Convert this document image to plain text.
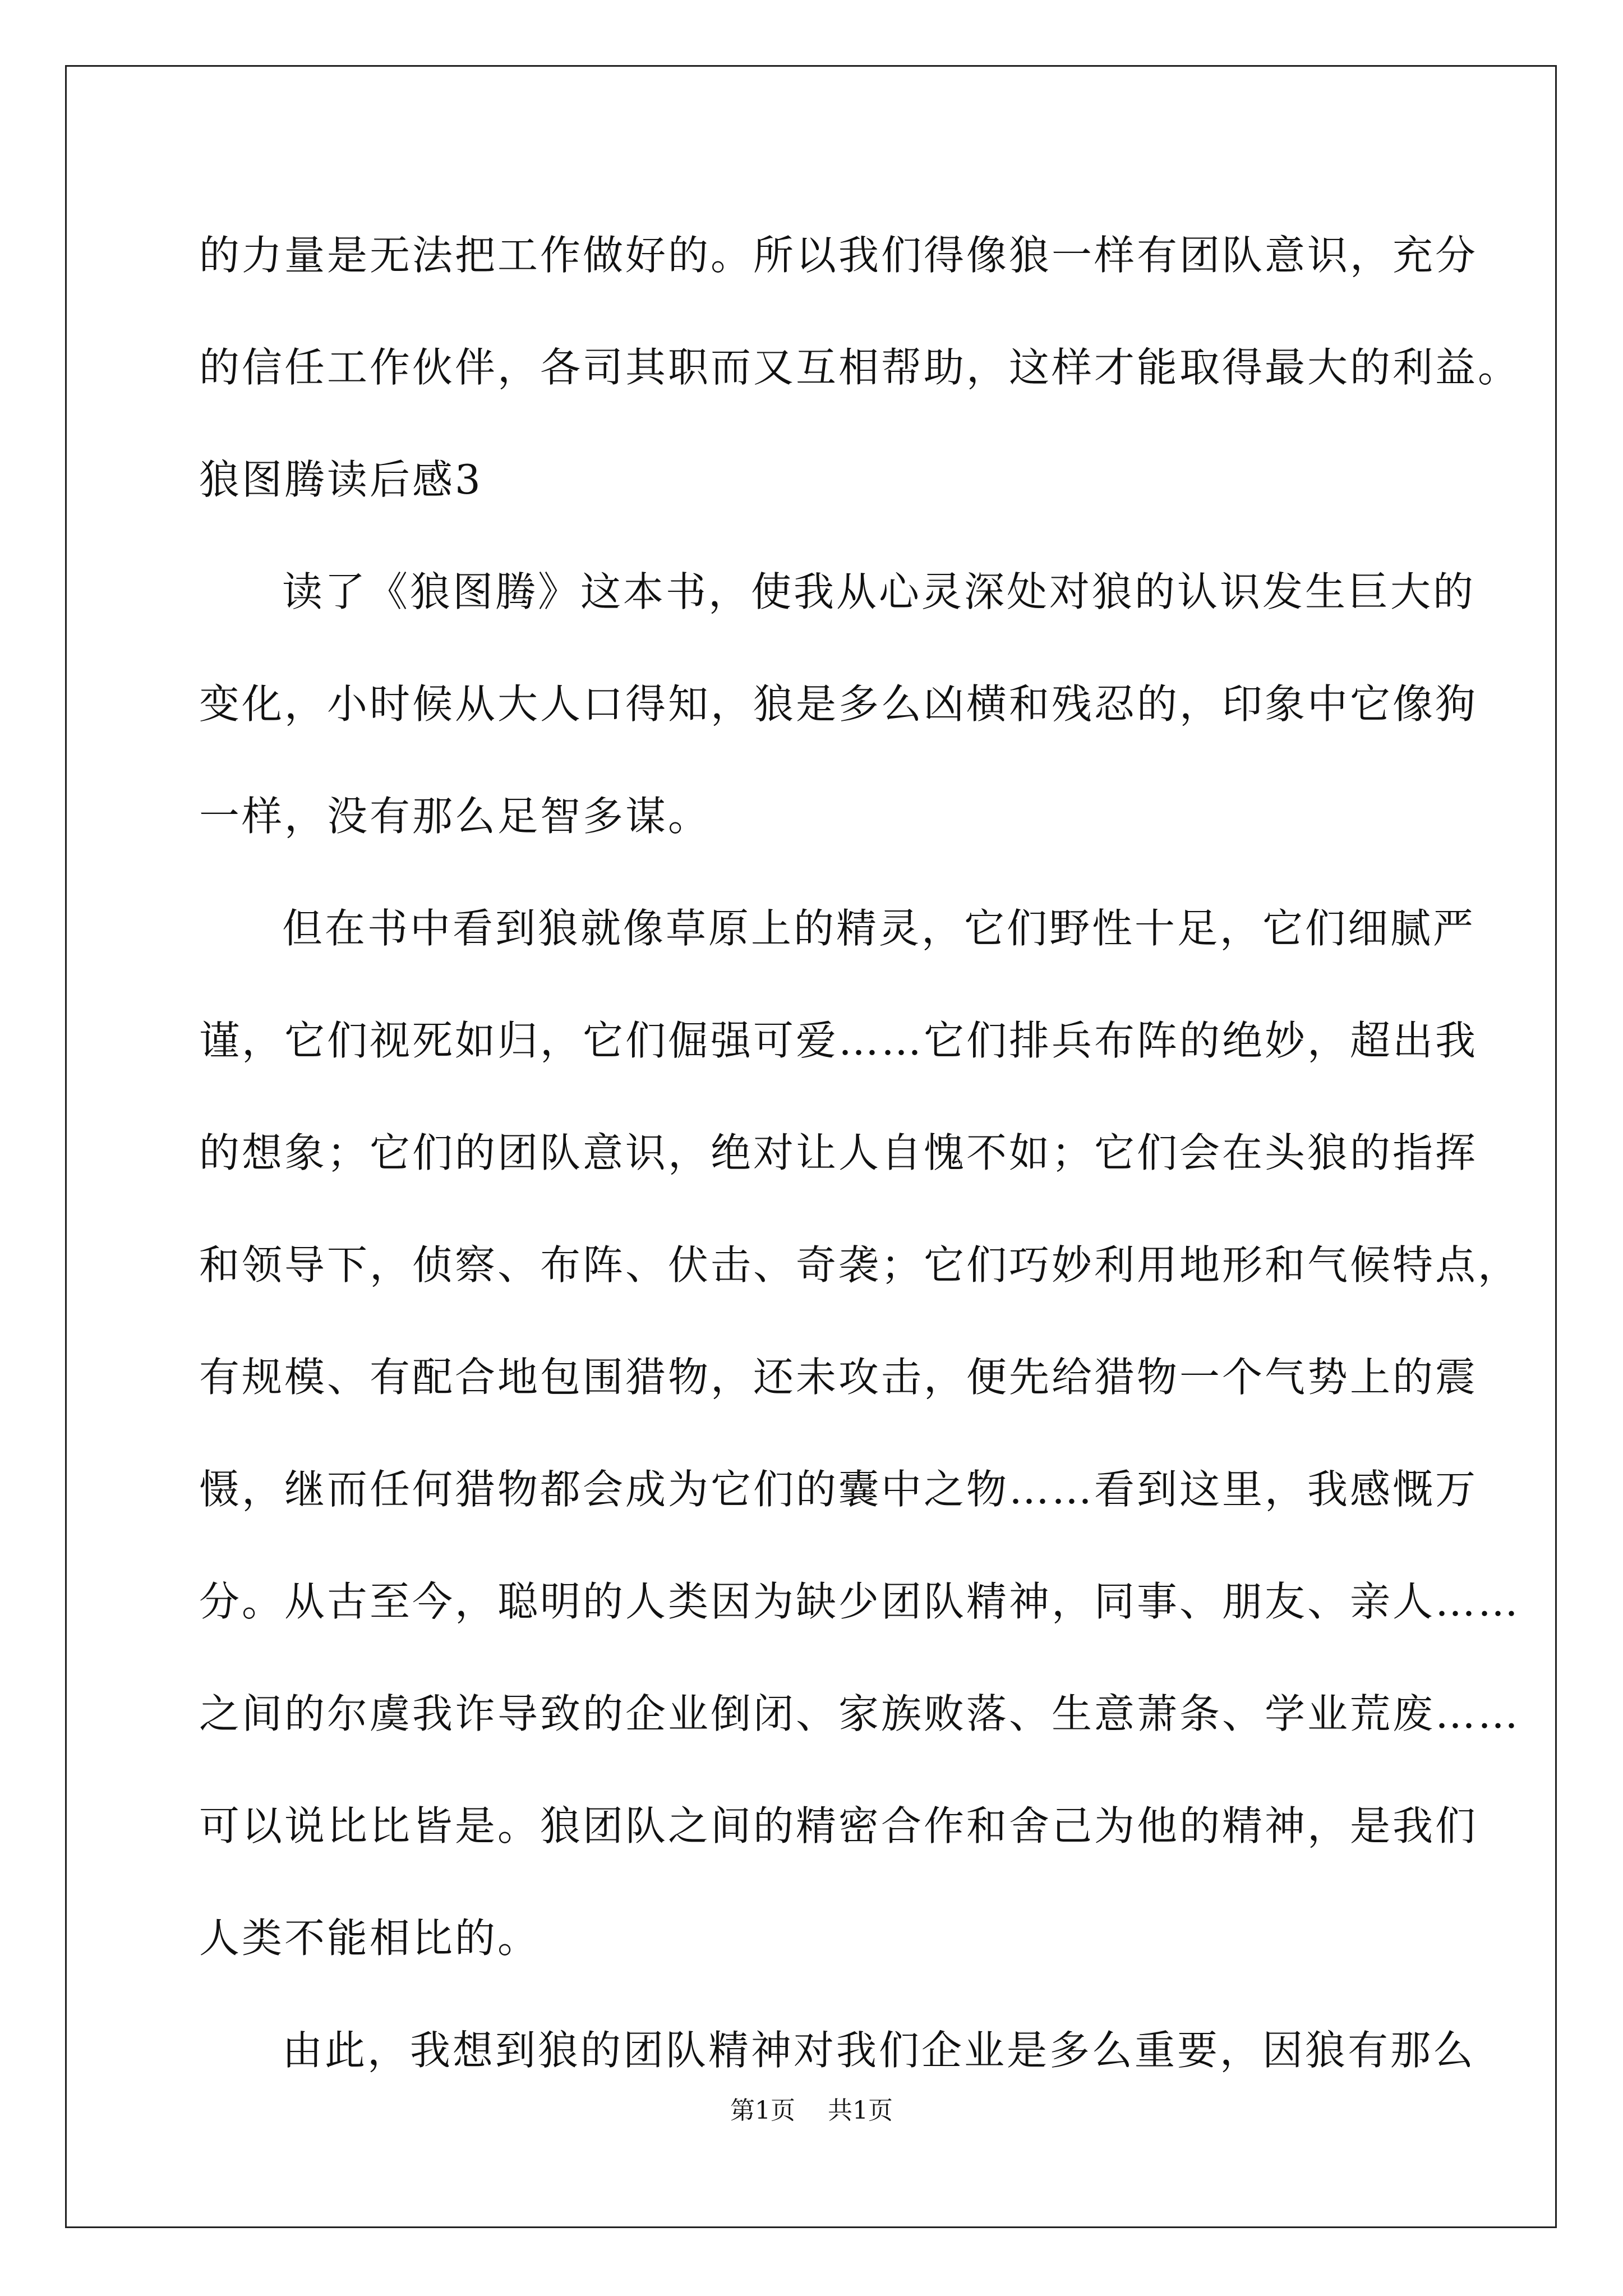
的力量是无法把工作做好的。所以我们得像狼一样有团队意识，充分
的信任工作伙伴，各司其职而又互相帮助，这样才能取得最大的利益。
狼图腾读后感3
读了《狼图腾》这本书，使我从心灵深处对狼的认识发生巨大的
变化，小时候从大人口得知，狼是多么凶横和残忍的，印象中它像狗
一样，没有那么足智多谋。
但在书中看到狼就像草原上的精灵，它们野性十足，它们细腻严
谨，它们视死如归，它们倔强可爱……它们排兵布阵的绝妙，超出我
的想象；它们的团队意识，绝对让人自愧不如；它们会在头狼的指挥
和领导下，侦察、布阵、伏击、奇袭；它们巧妙利用地形和气候特点，
有规模、有配合地包围猎物，还未攻击，便先给猎物一个气势上的震
慑，继而任何猎物都会成为它们的囊中之物……看到这里，我感慨万
分。从古至今，聪明的人类因为缺少团队精神，同事、朋友、亲人……
之间的尔虞我诈导致的企业倒闭、家族败落、生意萧条、学业荒废……
可以说比比皆是。狼团队之间的精密合作和舍己为他的精神，是我们
人类不能相比的。
由此，我想到狼的团队精神对我们企业是多么重要，因狼有那么
第1页 共1页
